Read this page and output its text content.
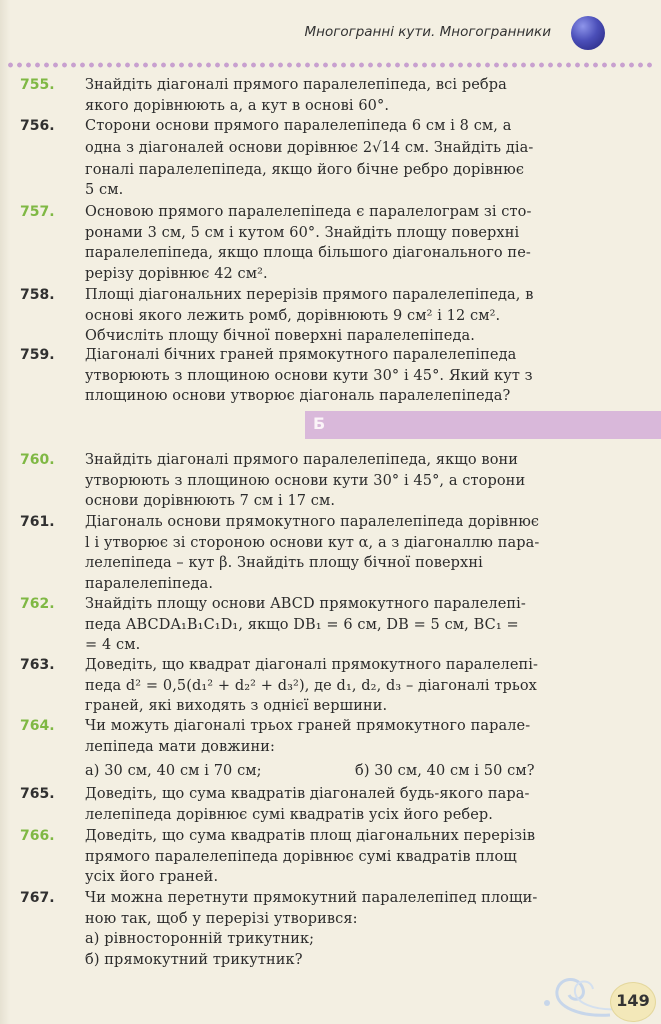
Многогранні кути. Многогранники
Б
755.	Знайдіть діагоналі прямого паралелепіпеда, всі ребра
якого дорівнюють a, а кут в основі 60°.
756.	Сторони основи прямого паралелепіпеда 6 см і 8 см, а
одна з діагоналей основи дорівнює 2√14 см. Знайдіть діа-
гоналі паралелепіпеда, якщо його бічне ребро дорівнює
5 см.
757.	Основою прямого паралелепіпеда є паралелограм зі сто-
ронами 3 см, 5 см і кутом 60°. Знайдіть площу поверхні
паралелепіпеда, якщо площа більшого діагонального пе-
рерізу дорівнює 42 см².
758.	Площі діагональних перерізів прямого паралелепіпеда, в
основі якого лежить ромб, дорівнюють 9 см² і 12 см².
Обчисліть площу бічної поверхні паралелепіпеда.
759.	Діагоналі бічних граней прямокутного паралелепіпеда
утворюють з площиною основи кути 30° і 45°. Який кут з
площиною основи утворює діагональ паралелепіпеда?
760.	Знайдіть діагоналі прямого паралелепіпеда, якщо вони
утворюють з площиною основи кути 30° і 45°, а сторони
основи дорівнюють 7 см і 17 см.
761.	Діагональ основи прямокутного паралелепіпеда дорівнює
l і утворює зі стороною основи кут α, а з діагоналлю пара-
лелепіпеда – кут β. Знайдіть площу бічної поверхні
паралелепіпеда.
762.	Знайдіть площу основи ABCD прямокутного паралелепі-
педа ABCDA₁B₁C₁D₁, якщо DB₁ = 6 см, DB = 5 см, BC₁ =
= 4 см.
763.	Доведіть, що квадрат діагоналі прямокутного паралелепі-
педа d² = 0,5(d₁² + d₂² + d₃²), де d₁, d₂, d₃ – діагоналі трьох
граней, які виходять з однієї вершини.
764.	Чи можуть діагоналі трьох граней прямокутного парале-
лепіпеда мати довжини:
а) 30 см, 40 см і 70 см;	б) 30 см, 40 см і 50 см?
765.	Доведіть, що сума квадратів діагоналей будь-якого пара-
лелепіпеда дорівнює сумі квадратів усіх його ребер.
766.	Доведіть, що сума квадратів площ діагональних перерізів
прямого паралелепіпеда дорівнює сумі квадратів площ
усіх його граней.
767.	Чи можна перетнути прямокутний паралелепіпед площи-
ною так, щоб у перерізі утворився:
а) рівносторонній трикутник;
б) прямокутний трикутник?
149
